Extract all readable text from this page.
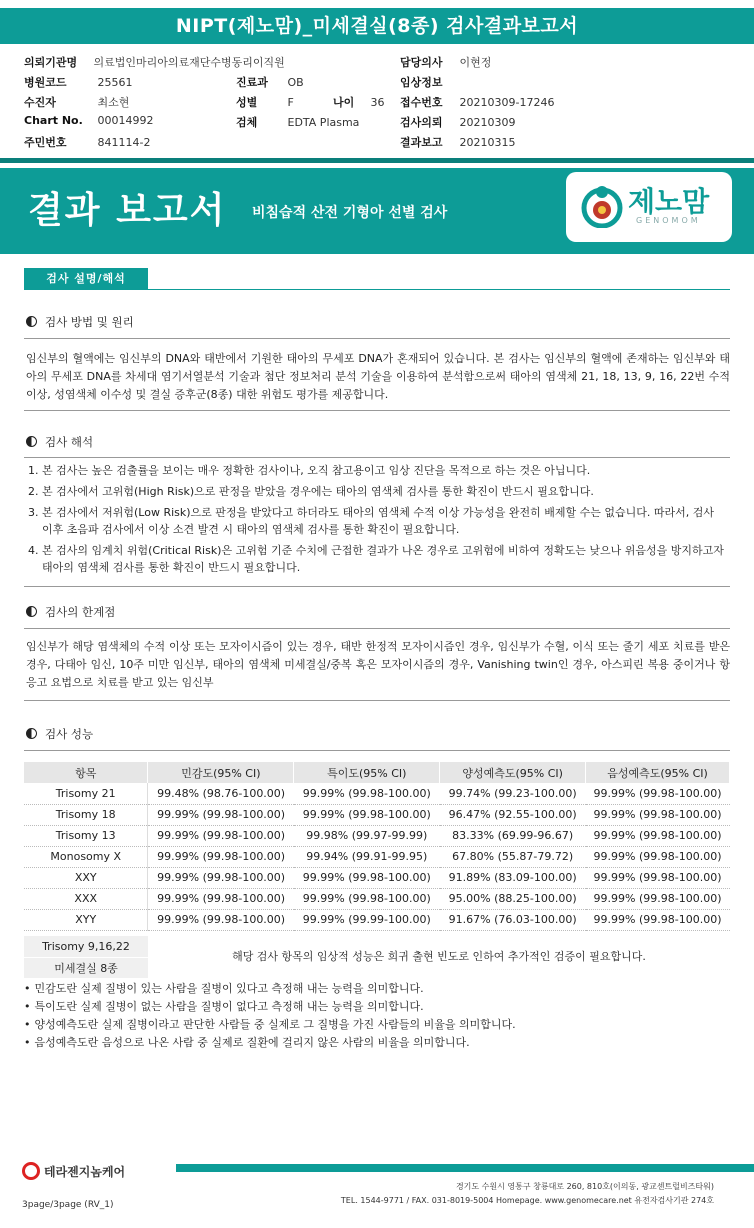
NIPT(제노맘)_미세결실(8종) 검사결과보고서
의뢰기관명 의료법인마리아의료재단수병동리이직원	담당의사 이현정
병원코드	25561	진료과 OB	임상정보
수진자	최소현	성별	F	나이 36 접수번호 20210309-17246
Chart No. 00014992	검체	EDTA Plasma	검사의뢰 20210309
주민번호	841114-2	결과보고 20210315
결과 보고서 비침습적 산전 기형아 선별 검사	제노맘
GENOMOM
검사 설명/해석
검사 방법 및 원리
임신부의 혈액에는 임신부의 DNA와 태반에서 기원한 태아의 무세포 DNA가 혼재되어 있습니다. 본 검사는 임신부의 혈액에 존재하는 임신부와 태아의 무세포 DNA를 차세대 염기서열분석 기술과 첨단 정보처리 분석 기술을 이용하여 분석함으로써 태아의 염색체 21, 18, 13, 9, 16, 22번 수적 이상, 성염색체 이수성 및 결실 증후군(8종) 대한 위험도 평가를 제공합니다.
검사 해석
1. 본 검사는 높은 검출률을 보이는 매우 정확한 검사이나, 오직 참고용이고 임상 진단을 목적으로 하는 것은 아닙니다.
2. 본 검사에서 고위험(High Risk)으로 판정을 받았을 경우에는 태아의 염색체 검사를 통한 확진이 반드시 필요합니다.
3. 본 검사에서 저위험(Low Risk)으로 판정을 받았다고 하더라도 태아의 염색체 수적 이상 가능성을 완전히 배제할 수는 없습니다. 따라서, 검사 이후 초음파 검사에서 이상 소견 발견 시 태아의 염색체 검사를 통한 확진이 필요합니다.
4. 본 검사의 임계치 위험(Critical Risk)은 고위험 기준 수치에 근접한 결과가 나온 경우로 고위험에 비하여 정확도는 낮으나 위음성을 방지하고자 태아의 염색체 검사를 통한 확진이 반드시 필요합니다.
검사의 한계점
임신부가 해당 염색체의 수적 이상 또는 모자이시즘이 있는 경우, 태반 한정적 모자이시즘인 경우, 임신부가 수혈, 이식 또는 줄기 세포 치료를 받은 경우, 다태아 임신, 10주 미만 임신부, 태아의 염색체 미세결실/중복 혹은 모자이시즘의 경우, Vanishing twin인 경우, 아스피린 복용 중이거나 항 응고 요법으로 치료를 받고 있는 임신부
검사 성능
항목	민감도(95% CI)	특이도(95% CI)	양성예측도(95% CI)	음성예측도(95% CI)
Trisomy 21	99.48% (98.76-100.00)	99.99% (99.98-100.00)	99.74% (99.23-100.00)	99.99% (99.98-100.00)
Trisomy 18	99.99% (99.98-100.00)	99.99% (99.98-100.00)	96.47% (92.55-100.00)	99.99% (99.98-100.00)
Trisomy 13	99.99% (99.98-100.00)	99.98% (99.97-99.99)	83.33% (69.99-96.67)	99.99% (99.98-100.00)
Monosomy X	99.99% (99.98-100.00)	99.94% (99.91-99.95)	67.80% (55.87-79.72)	99.99% (99.98-100.00)
XXY	99.99% (99.98-100.00)	99.99% (99.98-100.00)	91.89% (83.09-100.00)	99.99% (99.98-100.00)
XXX	99.99% (99.98-100.00)	99.99% (99.98-100.00)	95.00% (88.25-100.00)	99.99% (99.98-100.00)
XYY	99.99% (99.98-100.00)	99.99% (99.99-100.00)	91.67% (76.03-100.00)	99.99% (99.98-100.00)
Trisomy 9,16,22
미세결실 8종
해당 검사 항목의 임상적 성능은 희귀 출현 빈도로 인하여 추가적인 검증이 필요합니다.
• 민감도란 실제 질병이 있는 사람을 질병이 있다고 측정해 내는 능력을 의미합니다.
• 특이도란 실제 질병이 없는 사람을 질병이 없다고 측정해 내는 능력을 의미합니다.
• 양성예측도란 실제 질병이라고 판단한 사람들 중 실제로 그 질병을 가진 사람들의 비율을 의미합니다.
• 음성예측도란 음성으로 나온 사람 중 실제로 질환에 걸리지 않은 사람의 비율을 의미합니다.
테라젠지놈케어
경기도 수원시 영통구 창룡대로 260, 810호(이의동, 광교센트럴비즈타워)
TEL. 1544-9771 / FAX. 031-8019-5004 Homepage. www.genomecare.net 유전자검사기관 274호
3page/3page (RV_1)
